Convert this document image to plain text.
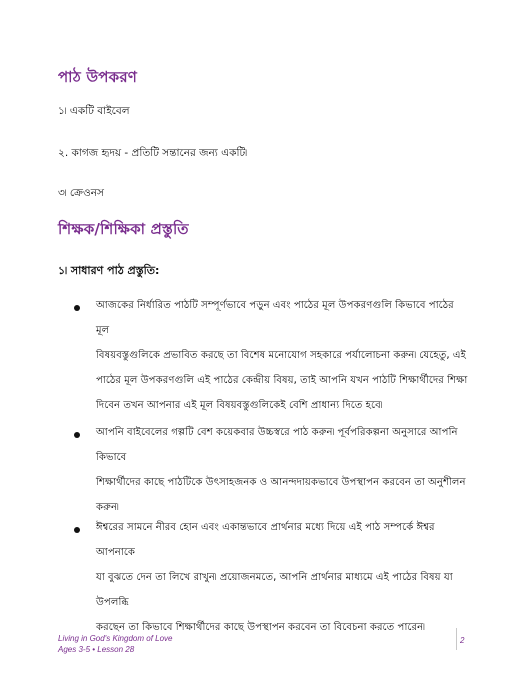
পাঠ উপকরণ
১৷ একটি বাইবেল
২. কাগজ হৃদয় - প্রতিটি সন্তানের জন্য একটি৷
৩৷ ক্রেওনস
শিক্ষক/শিক্ষিকা প্রস্তুতি
১৷ সাধারণ পাঠ প্রস্তুতি:
আজকের নির্ধারিত পাঠটি সম্পূর্ণভাবে পড়ুন এবং পাঠের মূল উপকরণগুলি কিভাবে পাঠের মূল
বিষয়বস্তুগুলিকে প্রভাবিত করছে তা বিশেষ মনোযোগ সহকারে পর্যালোচনা করুন৷ যেহেতু, এই
পাঠের মূল উপকরণগুলি এই পাঠের কেন্দ্রীয় বিষয়, তাই আপনি যখন পাঠটি শিক্ষার্থীদের শিক্ষা
দিবেন তখন আপনার এই মূল বিষয়বস্তুগুলিকেই বেশি প্রাধান্য দিতে হবে৷
আপনি বাইবেলের গল্পটি বেশ কয়েকবার উচ্চস্বরে পাঠ করুন৷ পূর্বপরিকল্পনা অনুসারে আপনি কিভাবে
শিক্ষার্থীদের কাছে পাঠটিকে উৎসাহজনক ও আনন্দদায়কভাবে উপস্থাপন করবেন তা অনুশীলন
করুন৷
ঈশ্বরের সামনে নীরব হোন এবং একান্তভাবে প্রার্থনার মধ্যে দিয়ে এই পাঠ সম্পর্কে ঈশ্বর আপনাকে
যা বুঝতে দেন তা লিখে রাখুন৷ প্রয়োজনমতে, আপনি প্রার্থনার মাধ্যমে এই পাঠের বিষয় যা উপলব্ধি
করছেন তা কিভাবে শিক্ষার্থীদের কাছে উপস্থাপন করবেন তা বিবেচনা করতে পারেন৷
Living in God's Kingdom of Love
Ages 3-5 • Lesson 28
2
